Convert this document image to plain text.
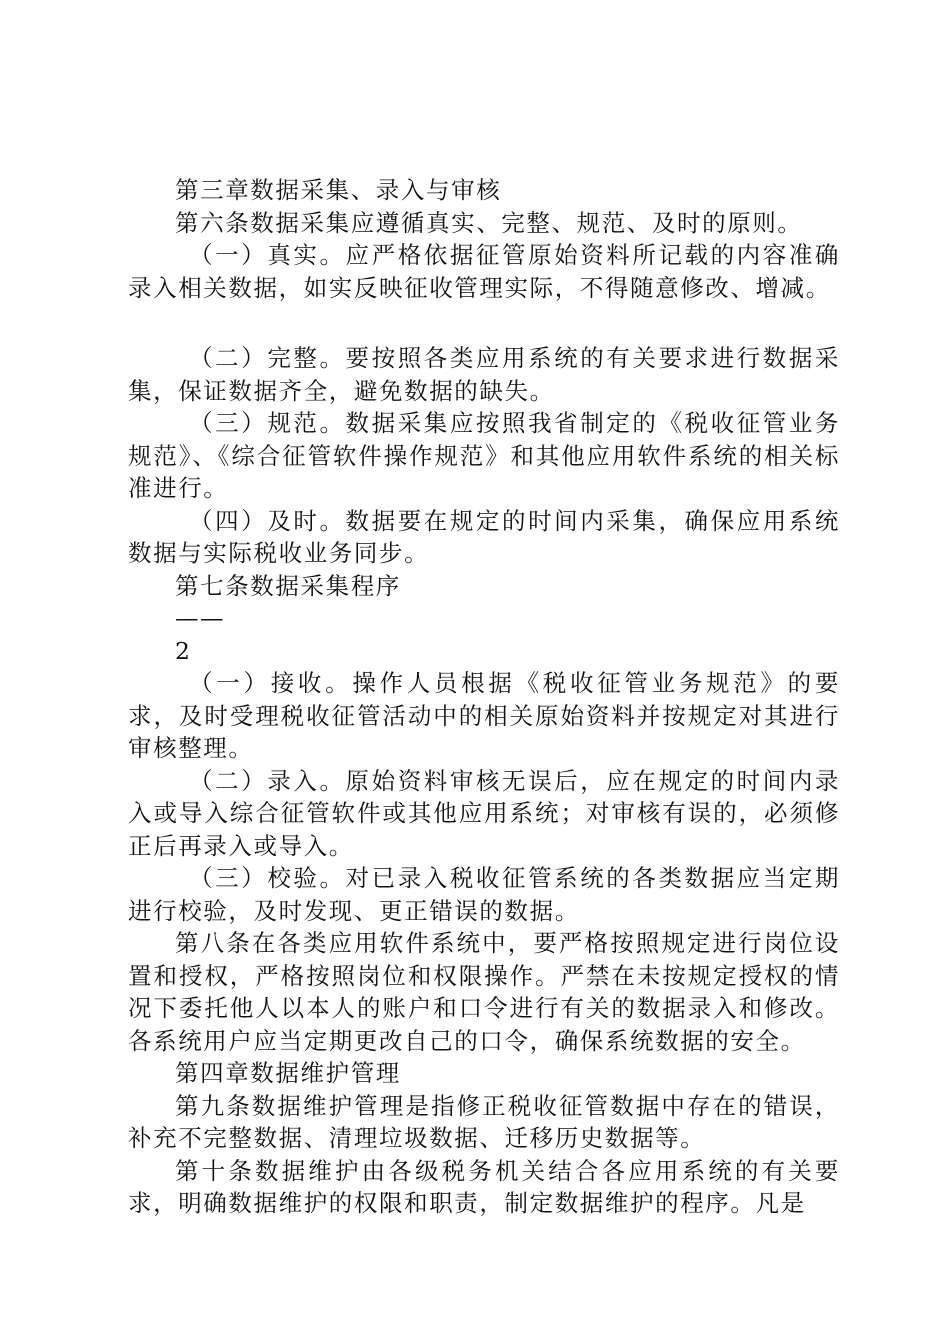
第三章数据采集、录入与审核

第六条数据采集应遵循真实、完整、规范、及时的原则。

（一）真实。应严格依据征管原始资料所记载的内容准确录入相关数据，如实反映征收管理实际，不得随意修改、增减。

（二）完整。要按照各类应用系统的有关要求进行数据采集，保证数据齐全，避免数据的缺失。

（三）规范。数据采集应按照我省制定的《税收征管业务规范》、《综合征管软件操作规范》和其他应用软件系统的相关标准进行。

（四）及时。数据要在规定的时间内采集，确保应用系统数据与实际税收业务同步。

第七条数据采集程序

——

2

（一）接收。操作人员根据《税收征管业务规范》的要求，及时受理税收征管活动中的相关原始资料并按规定对其进行审核整理。

（二）录入。原始资料审核无误后，应在规定的时间内录入或导入综合征管软件或其他应用系统；对审核有误的，必须修正后再录入或导入。

（三）校验。对已录入税收征管系统的各类数据应当定期进行校验，及时发现、更正错误的数据。

第八条在各类应用软件系统中，要严格按照规定进行岗位设置和授权，严格按照岗位和权限操作。严禁在未按规定授权的情况下委托他人以本人的账户和口令进行有关的数据录入和修改。各系统用户应当定期更改自己的口令，确保系统数据的安全。

第四章数据维护管理

第九条数据维护管理是指修正税收征管数据中存在的错误，补充不完整数据、清理垃圾数据、迁移历史数据等。

第十条数据维护由各级税务机关结合各应用系统的有关要求，明确数据维护的权限和职责，制定数据维护的程序。凡是
